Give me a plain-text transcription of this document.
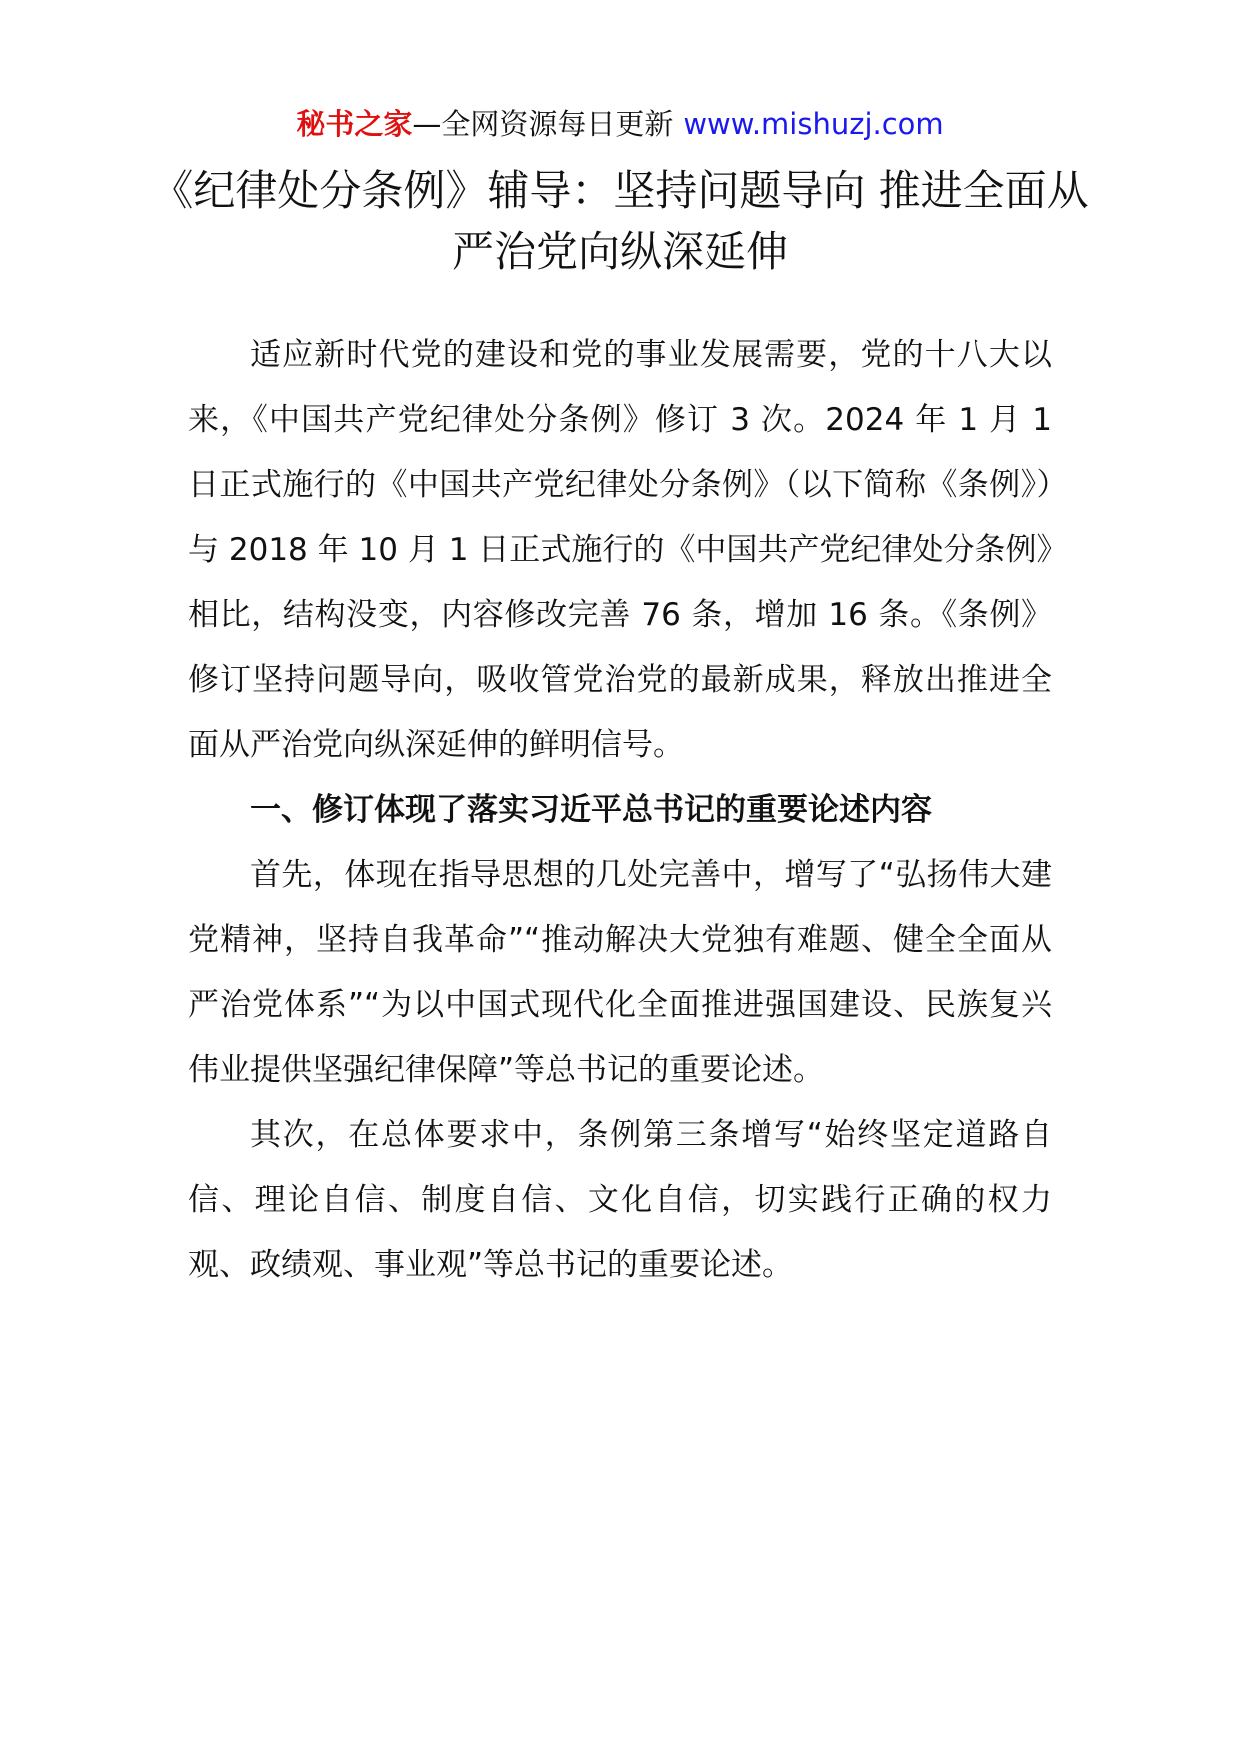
秘书之家—全网资源每日更新 www.mishuzj.com
《纪律处分条例》辅导：坚持问题导向 推进全面从严治党向纵深延伸

适应新时代党的建设和党的事业发展需要，党的十八大以来，《中国共产党纪律处分条例》修订 3 次。2024 年 1 月 1 日正式施行的《中国共产党纪律处分条例》（以下简称《条例》）与 2018 年 10 月 1 日正式施行的《中国共产党纪律处分条例》相比，结构没变，内容修改完善 76 条，增加 16 条。《条例》修订坚持问题导向，吸收管党治党的最新成果，释放出推进全面从严治党向纵深延伸的鲜明信号。

一、修订体现了落实习近平总书记的重要论述内容

首先，体现在指导思想的几处完善中，增写了“弘扬伟大建党精神，坚持自我革命”“推动解决大党独有难题、健全全面从严治党体系”“为以中国式现代化全面推进强国建设、民族复兴伟业提供坚强纪律保障”等总书记的重要论述。

其次，在总体要求中，条例第三条增写“始终坚定道路自信、理论自信、制度自信、文化自信，切实践行正确的权力观、政绩观、事业观”等总书记的重要论述。
